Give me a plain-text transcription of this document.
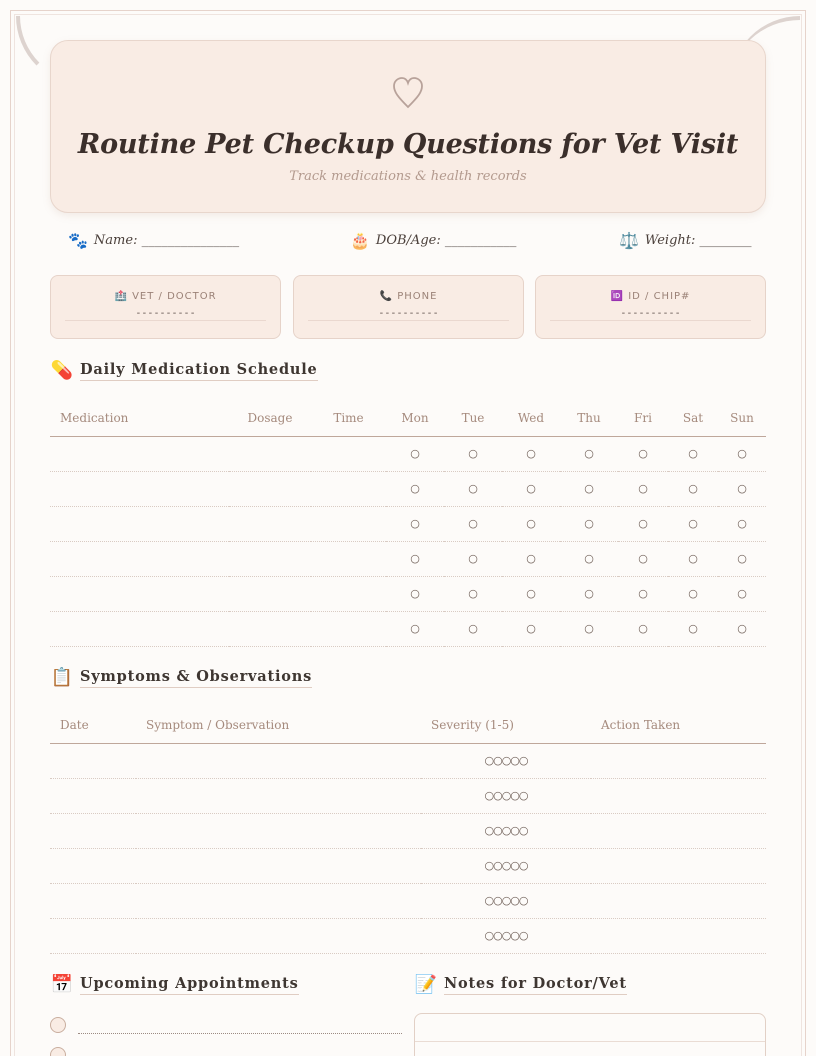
Routine Pet Checkup Questions for Vet Visit
Track medications & health records
🐾 Name: _______________	🎂 DOB/Age: ___________	⚖️ Weight: ________
🏥 VET / DOCTOR
----------
📞 PHONE
----------
🆔 ID / CHIP#
----------
💊 Daily Medication Schedule
Medication	Dosage	Time	Mon	Tue	Wed	Thu	Fri	Sat	Sun
			○	○	○	○	○	○	○
			○	○	○	○	○	○	○
			○	○	○	○	○	○	○
			○	○	○	○	○	○	○
			○	○	○	○	○	○	○
			○	○	○	○	○	○	○
📋 Symptoms & Observations
Date	Symptom / Observation	Severity (1-5)	Action Taken
		○○○○○	
		○○○○○	
		○○○○○	
		○○○○○	
		○○○○○	
		○○○○○	
📅 Upcoming Appointments	📝 Notes for Doctor/Vet
